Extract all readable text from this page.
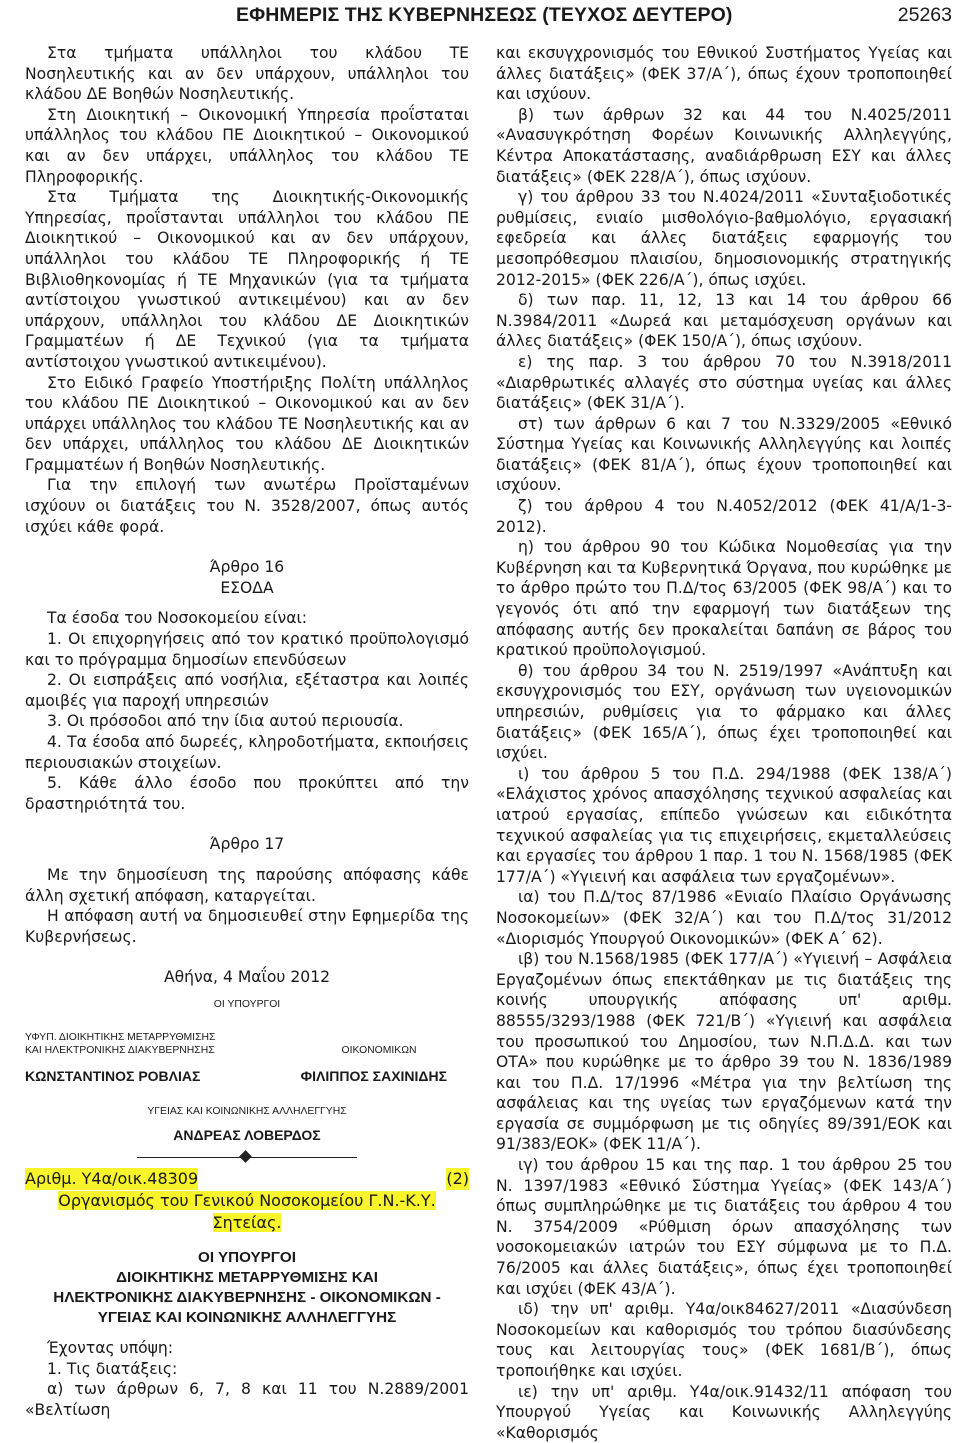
ΕΦΗΜΕΡΙΣ ΤΗΣ ΚΥΒΕΡΝΗΣΕΩΣ (ΤΕΥΧΟΣ ΔΕΥΤΕΡΟ)	25263

Στα τμήματα υπάλληλοι του κλάδου ΤΕ Νοσηλευτικής και αν δεν υπάρχουν, υπάλληλοι του κλάδου ΔΕ Βοηθών Νοσηλευτικής.

Στη Διοικητική – Οικονομική Υπηρεσία προΐσταται υπάλληλος του κλάδου ΠΕ Διοικητικού – Οικονομικού και αν δεν υπάρχει, υπάλληλος του κλάδου ΤΕ Πληροφορικής.

Στα Τμήματα της Διοικητικής-Οικονομικής Υπηρεσίας, προΐστανται υπάλληλοι του κλάδου ΠΕ Διοικητικού – Οικονομικού και αν δεν υπάρχουν, υπάλληλοι του κλάδου ΤΕ Πληροφορικής ή ΤΕ Βιβλιοθηκονομίας ή ΤΕ Μηχανικών (για τα τμήματα αντίστοιχου γνωστικού αντικειμένου) και αν δεν υπάρχουν, υπάλληλοι του κλάδου ΔΕ Διοικητικών Γραμματέων ή ΔΕ Τεχνικού (για τα τμήματα αντίστοιχου γνωστικού αντικειμένου).

Στο Ειδικό Γραφείο Υποστήριξης Πολίτη υπάλληλος του κλάδου ΠΕ Διοικητικού – Οικονομικού και αν δεν υπάρχει υπάλληλος του κλάδου ΤΕ Νοσηλευτικής και αν δεν υπάρχει, υπάλληλος του κλάδου ΔΕ Διοικητικών Γραμματέων ή Βοηθών Νοσηλευτικής.

Για την επιλογή των ανωτέρω Προϊσταμένων ισχύουν οι διατάξεις του Ν. 3528/2007, όπως αυτός ισχύει κάθε φορά.

Άρθρο 16

ΕΣΟΔΑ

Τα έσοδα του Νοσοκομείου είναι:

1. Οι επιχορηγήσεις από τον κρατικό προϋπολογισμό και το πρόγραμμα δημοσίων επενδύσεων

2. Οι εισπράξεις από νοσήλια, εξέταστρα και λοιπές αμοιβές για παροχή υπηρεσιών

3. Οι πρόσοδοι από την ίδια αυτού περιουσία.

4. Τα έσοδα από δωρεές, κληροδοτήματα, εκποιήσεις περιουσιακών στοιχείων.

5. Κάθε άλλο έσοδο που προκύπτει από την δραστηριότητά του.

Άρθρο 17

Με την δημοσίευση της παρούσης απόφασης κάθε άλλη σχετική απόφαση, καταργείται.

Η απόφαση αυτή να δημοσιευθεί στην Εφημερίδα της Κυβερνήσεως.

Αθήνα, 4 Μαΐου 2012

ΟΙ ΥΠΟΥΡΓΟΙ

ΥΦΥΠ. ΔΙΟΙΚΗΤΙΚΗΣ ΜΕΤΑΡΡΥΘΜΙΣΗΣ
ΚΑΙ ΗΛΕΚΤΡΟΝΙΚΗΣ ΔΙΑΚΥΒΕΡΝΗΣΗΣ	ΟΙΚΟΝΟΜΙΚΩΝ
ΚΩΝΣΤΑΝΤΙΝΟΣ ΡΟΒΛΙΑΣ	ΦΙΛΙΠΠΟΣ ΣΑΧΙΝΙΔΗΣ

ΥΓΕΙΑΣ ΚΑΙ ΚΟΙΝΩΝΙΚΗΣ ΑΛΛΗΛΕΓΓΥΗΣ

ΑΝΔΡΕΑΣ ΛΟΒΕΡΔΟΣ

Αριθμ. Υ4α/οικ.48309	(2)

Οργανισμός του Γενικού Νοσοκομείου Γ.Ν.-Κ.Υ.
Σητείας.

ΟΙ ΥΠΟΥΡΓΟΙ
ΔΙΟΙΚΗΤΙΚΗΣ ΜΕΤΑΡΡΥΘΜΙΣΗΣ ΚΑΙ
ΗΛΕΚΤΡΟΝΙΚΗΣ ΔΙΑΚΥΒΕΡΝΗΣΗΣ - ΟΙΚΟΝΟΜΙΚΩΝ -
ΥΓΕΙΑΣ ΚΑΙ ΚΟΙΝΩΝΙΚΗΣ ΑΛΛΗΛΕΓΓΥΗΣ

Έχοντας υπόψη:

1. Τις διατάξεις:

α) των άρθρων 6, 7, 8 και 11 του Ν.2889/2001 «Βελτίωση

και εκσυγχρονισμός του Εθνικού Συστήματος Υγείας και άλλες διατάξεις» (ΦΕΚ 37/Α΄), όπως έχουν τροποποιηθεί και ισχύουν.

β) των άρθρων 32 και 44 του Ν.4025/2011 «Ανασυγκρότηση Φορέων Κοινωνικής Αλληλεγγύης, Κέντρα Αποκατάστασης, αναδιάρθρωση ΕΣΥ και άλλες διατάξεις» (ΦΕΚ 228/Α΄), όπως ισχύουν.

γ) του άρθρου 33 του Ν.4024/2011 «Συνταξιοδοτικές ρυθμίσεις, ενιαίο μισθολόγιο-βαθμολόγιο, εργασιακή εφεδρεία και άλλες διατάξεις εφαρμογής του μεσοπρόθεσμου πλαισίου, δημοσιονομικής στρατηγικής 2012-2015» (ΦΕΚ 226/Α΄), όπως ισχύει.

δ) των παρ. 11, 12, 13 και 14 του άρθρου 66 Ν.3984/2011 «Δωρεά και μεταμόσχευση οργάνων και άλλες διατάξεις» (ΦΕΚ 150/Α΄), όπως ισχύουν.

ε) της παρ. 3 του άρθρου 70 του Ν.3918/2011 «Διαρθρωτικές αλλαγές στο σύστημα υγείας και άλλες διατάξεις» (ΦΕΚ 31/Α΄).

στ) των άρθρων 6 και 7 του Ν.3329/2005 «Εθνικό Σύστημα Υγείας και Κοινωνικής Αλληλεγγύης και λοιπές διατάξεις» (ΦΕΚ 81/Α΄), όπως έχουν τροποποιηθεί και ισχύουν.

ζ) του άρθρου 4 του Ν.4052/2012 (ΦΕΚ 41/Α/1-3-2012).

η) του άρθρου 90 του Κώδικα Νομοθεσίας για την Κυβέρνηση και τα Κυβερνητικά Όργανα, που κυρώθηκε με το άρθρο πρώτο του Π.Δ/τος 63/2005 (ΦΕΚ 98/Α΄) και το γεγονός ότι από την εφαρμογή των διατάξεων της απόφασης αυτής δεν προκαλείται δαπάνη σε βάρος του κρατικού προϋπολογισμού.

θ) του άρθρου 34 του Ν. 2519/1997 «Ανάπτυξη και εκσυγχρονισμός του ΕΣΥ, οργάνωση των υγειονομικών υπηρεσιών, ρυθμίσεις για το φάρμακο και άλλες διατάξεις» (ΦΕΚ 165/Α΄), όπως έχει τροποποιηθεί και ισχύει.

ι) του άρθρου 5 του Π.Δ. 294/1988 (ΦΕΚ 138/Α΄) «Ελάχιστος χρόνος απασχόλησης τεχνικού ασφαλείας και ιατρού εργασίας, επίπεδο γνώσεων και ειδικότητα τεχνικού ασφαλείας για τις επιχειρήσεις, εκμεταλλεύσεις και εργασίες του άρθρου 1 παρ. 1 του Ν. 1568/1985 (ΦΕΚ 177/Α΄) «Υγιεινή και ασφάλεια των εργαζομένων».

ια) του Π.Δ/τος 87/1986 «Ενιαίο Πλαίσιο Οργάνωσης Νοσοκομείων» (ΦΕΚ 32/Α΄) και του Π.Δ/τος 31/2012 «Διορισμός Υπουργού Οικονομικών» (ΦΕΚ Α΄ 62).

ιβ) του Ν.1568/1985 (ΦΕΚ 177/Α΄) «Υγιεινή – Ασφάλεια Εργαζομένων όπως επεκτάθηκαν με τις διατάξεις της κοινής υπουργικής απόφασης υπ' αριθμ. 88555/3293/1988 (ΦΕΚ 721/Β΄) «Υγιεινή και ασφάλεια του προσωπικού του Δημοσίου, των Ν.Π.Δ.Δ. και των ΟΤΑ» που κυρώθηκε με το άρθρο 39 του Ν. 1836/1989 και του Π.Δ. 17/1996 «Μέτρα για την βελτίωση της ασφάλειας και της υγείας των εργαζόμενων κατά την εργασία σε συμμόρφωση με τις οδηγίες 89/391/ΕΟΚ και 91/383/ΕΟΚ» (ΦΕΚ 11/Α΄).

ιγ) του άρθρου 15 και της παρ. 1 του άρθρου 25 του Ν. 1397/1983 «Εθνικό Σύστημα Υγείας» (ΦΕΚ 143/Α΄) όπως συμπληρώθηκε με τις διατάξεις του άρθρου 4 του Ν. 3754/2009 «Ρύθμιση όρων απασχόλησης των νοσοκομειακών ιατρών του ΕΣΥ σύμφωνα με το Π.Δ. 76/2005 και άλλες διατάξεις», όπως έχει τροποποιηθεί και ισχύει (ΦΕΚ 43/Α΄).

ιδ) την υπ' αριθμ. Υ4α/οικ84627/2011 «Διασύνδεση Νοσοκομείων και καθορισμός του τρόπου διασύνδεσης τους και λειτουργίας τους» (ΦΕΚ 1681/Β΄), όπως τροποιήθηκε και ισχύει.

ιε) την υπ' αριθμ. Υ4α/οικ.91432/11 απόφαση του Υπουργού Υγείας και Κοινωνικής Αλληλεγγύης «Καθορισμός
